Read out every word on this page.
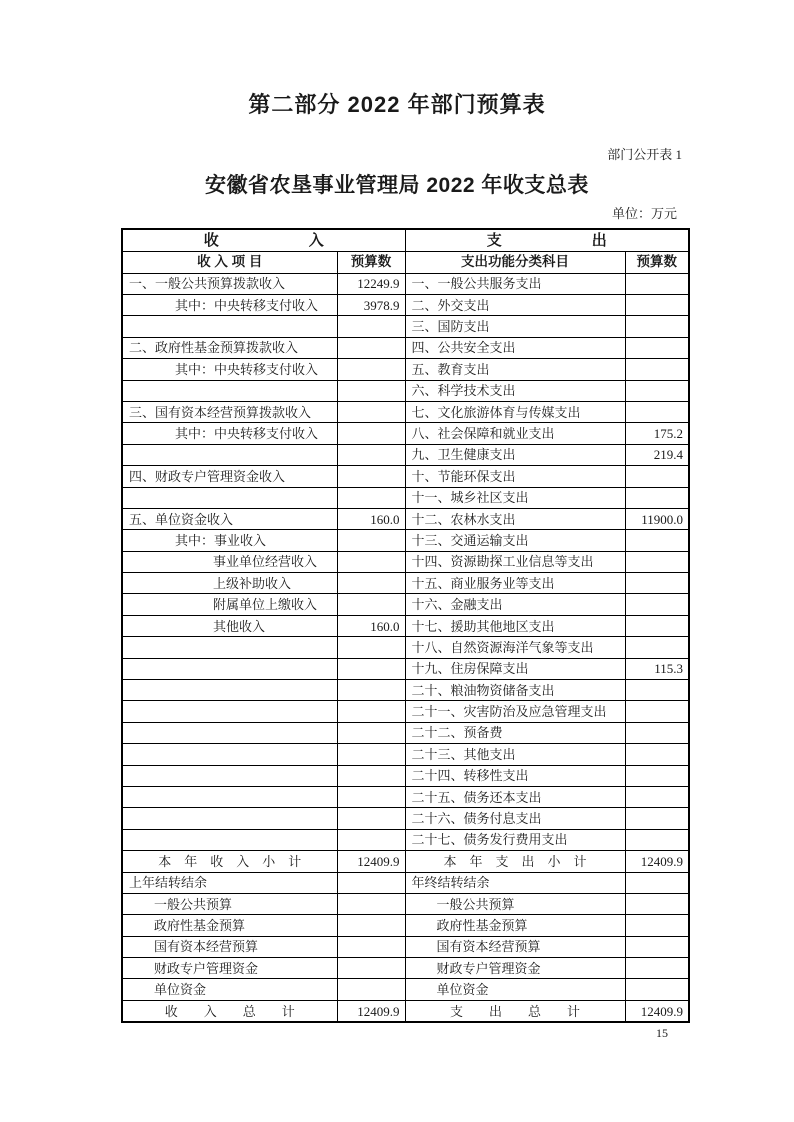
第二部分 2022 年部门预算表
部门公开表 1
安徽省农垦事业管理局 2022 年收支总表
单位：万元
收　　　　　　入		支　　　　　　出	
收 入 项 目	预算数	支出功能分类科目	预算数
一、一般公共预算拨款收入	12249.9	一、一般公共服务支出	
其中：中央转移支付收入	3978.9	二、外交支出	
		三、国防支出	
二、政府性基金预算拨款收入		四、公共安全支出	
其中：中央转移支付收入		五、教育支出	
		六、科学技术支出	
三、国有资本经营预算拨款收入		七、文化旅游体育与传媒支出	
其中：中央转移支付收入		八、社会保障和就业支出	175.2
		九、卫生健康支出	219.4
四、财政专户管理资金收入		十、节能环保支出	
		十一、城乡社区支出	
五、单位资金收入	160.0	十二、农林水支出	11900.0
其中：事业收入		十三、交通运输支出	
事业单位经营收入		十四、资源勘探工业信息等支出	
上级补助收入		十五、商业服务业等支出	
附属单位上缴收入		十六、金融支出	
其他收入	160.0	十七、援助其他地区支出	
		十八、自然资源海洋气象等支出	
		十九、住房保障支出	115.3
		二十、粮油物资储备支出	
		二十一、灾害防治及应急管理支出	
		二十二、预备费	
		二十三、其他支出	
		二十四、转移性支出	
		二十五、债务还本支出	
		二十六、债务付息支出	
		二十七、债务发行费用支出	
本　年　收　入　小　计	12409.9	本　年　支　出　小　计	12409.9
上年结转结余		年终结转结余	
一般公共预算		一般公共预算	
政府性基金预算		政府性基金预算	
国有资本经营预算		国有资本经营预算	
财政专户管理资金		财政专户管理资金	
单位资金		单位资金	
收　　入　　总　　计	12409.9	支　　出　　总　　计	12409.9
15
